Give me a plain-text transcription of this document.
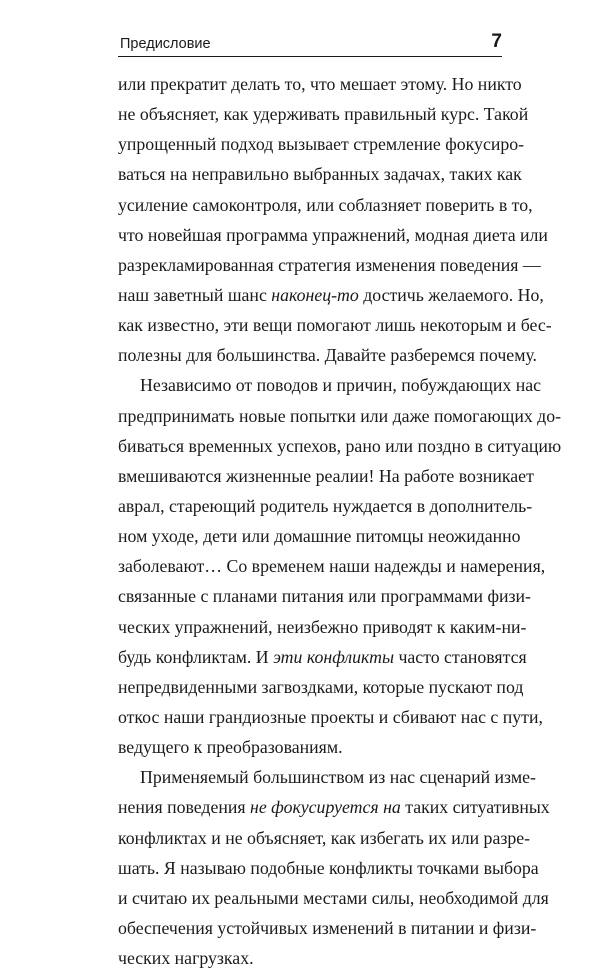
Предисловие	7
или прекратит делать то, что мешает этому. Но никто
не объясняет, как удерживать правильный курс. Такой
упрощенный подход вызывает стремление фокусиро-
ваться на неправильно выбранных задачах, таких как
усиление самоконтроля, или соблазняет поверить в то,
что новейшая программа упражнений, модная диета или
разрекламированная стратегия изменения поведения —
наш заветный шанс наконец-то достичь желаемого. Но,
как известно, эти вещи помогают лишь некоторым и бес-
полезны для большинства. Давайте разберемся почему.
Независимо от поводов и причин, побуждающих нас
предпринимать новые попытки или даже помогающих до-
биваться временных успехов, рано или поздно в ситуацию
вмешиваются жизненные реалии! На работе возникает
аврал, стареющий родитель нуждается в дополнитель-
ном уходе, дети или домашние питомцы неожиданно
заболевают… Со временем наши надежды и намерения,
связанные с планами питания или программами физи-
ческих упражнений, неизбежно приводят к каким-ни-
будь конфликтам. И эти конфликты часто становятся
непредвиденными загвоздками, которые пускают под
откос наши грандиозные проекты и сбивают нас с пути,
ведущего к преобразованиям.
Применяемый большинством из нас сценарий изме-
нения поведения не фокусируется на таких ситуативных
конфликтах и не объясняет, как избегать их или разре-
шать. Я называю подобные конфликты точками выбора
и считаю их реальными местами силы, необходимой для
обеспечения устойчивых изменений в питании и физи-
ческих нагрузках.
